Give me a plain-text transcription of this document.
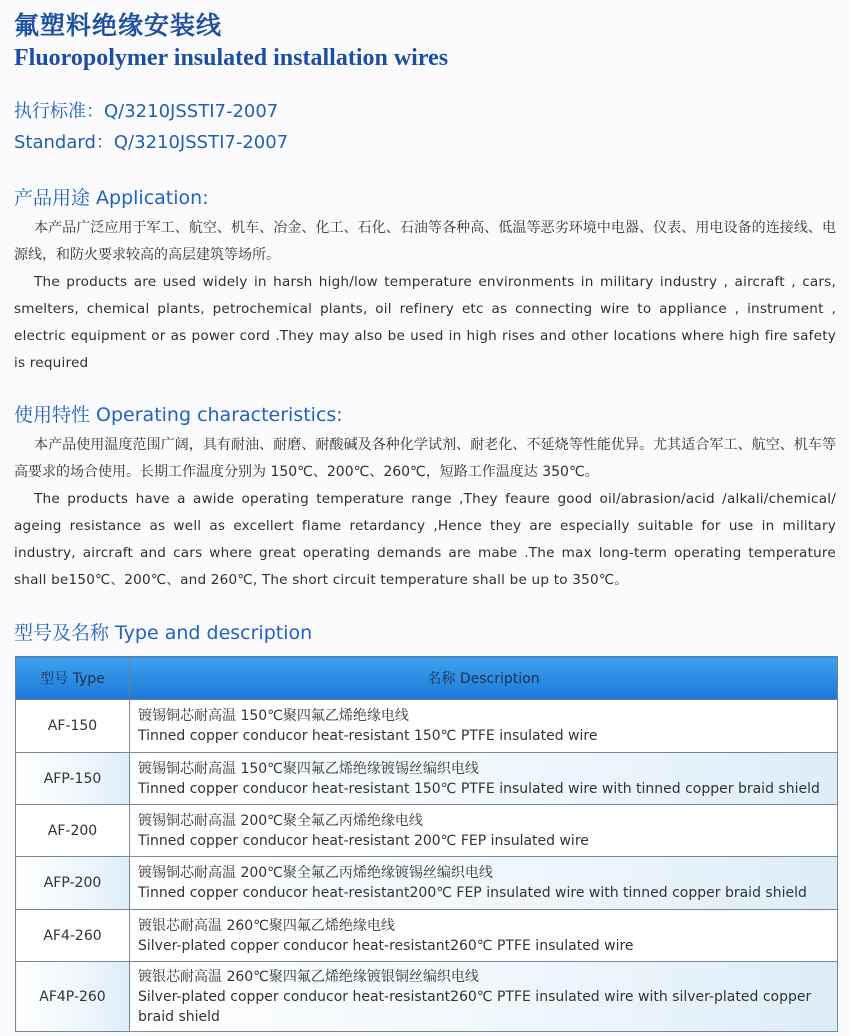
氟塑料绝缘安装线
Fluoropolymer insulated installation wires
执行标准：Q/3210JSSTI7-2007
Standard：Q/3210JSSTI7-2007
产品用途 Application:

本产品广泛应用于军工、航空、机车、冶金、化工、石化、石油等各种高、低温等恶劣环境中电器、仪表、用电设备的连接线、电源线，和防火要求较高的高层建筑等场所。

The products are used widely in harsh high/low temperature environments in military industry , aircraft , cars, smelters, chemical plants, petrochemical plants, oil refinery etc as connecting wire to appliance , instrument , electric equipment or as power cord .They may also be used in high rises and other locations where high fire safety is required

使用特性 Operating characteristics:

本产品使用温度范围广阔，具有耐油、耐磨、耐酸碱及各种化学试剂、耐老化、不延烧等性能优异。尤其适合军工、航空、机车等高要求的场合使用。长期工作温度分别为 150℃、200℃、260℃，短路工作温度达 350℃。

The products have a awide operating temperature range ,They feaure good oil/abrasion/acid /alkali/chemical/ ageing resistance as well as excellert flame retardancy ,Hence they are especially suitable for use in military industry, aircraft and cars where great operating demands are mabe .The max long-term operating temperature shall be150℃、200℃、and 260℃, The short circuit temperature shall be up to 350℃。

型号及名称 Type and description
型号 Type	名称 Description
AF-150	镀锡铜芯耐高温 150℃聚四氟乙烯绝缘电线
Tinned copper conducor heat-resistant 150℃ PTFE insulated wire

AFP-150	镀锡铜芯耐高温 150℃聚四氟乙烯绝缘镀锡丝编织电线
Tinned copper conducor heat-resistant 150℃ PTFE insulated wire with tinned copper braid shield

AF-200	镀锡铜芯耐高温 200℃聚全氟乙丙烯绝缘电线
Tinned copper conducor heat-resistant 200℃ FEP insulated wire

AFP-200	镀锡铜芯耐高温 200℃聚全氟乙丙烯绝缘镀锡丝编织电线
Tinned copper conducor heat-resistant200℃ FEP insulated wire with tinned copper braid shield

AF4-260	镀银芯耐高温 260℃聚四氟乙烯绝缘电线
Silver-plated copper conducor heat-resistant260℃ PTFE insulated wire

AF4P-260	镀银芯耐高温 260℃聚四氟乙烯绝缘镀银铜丝编织电线
Silver-plated copper conducor heat-resistant260℃ PTFE insulated wire with silver-plated copper braid shield
